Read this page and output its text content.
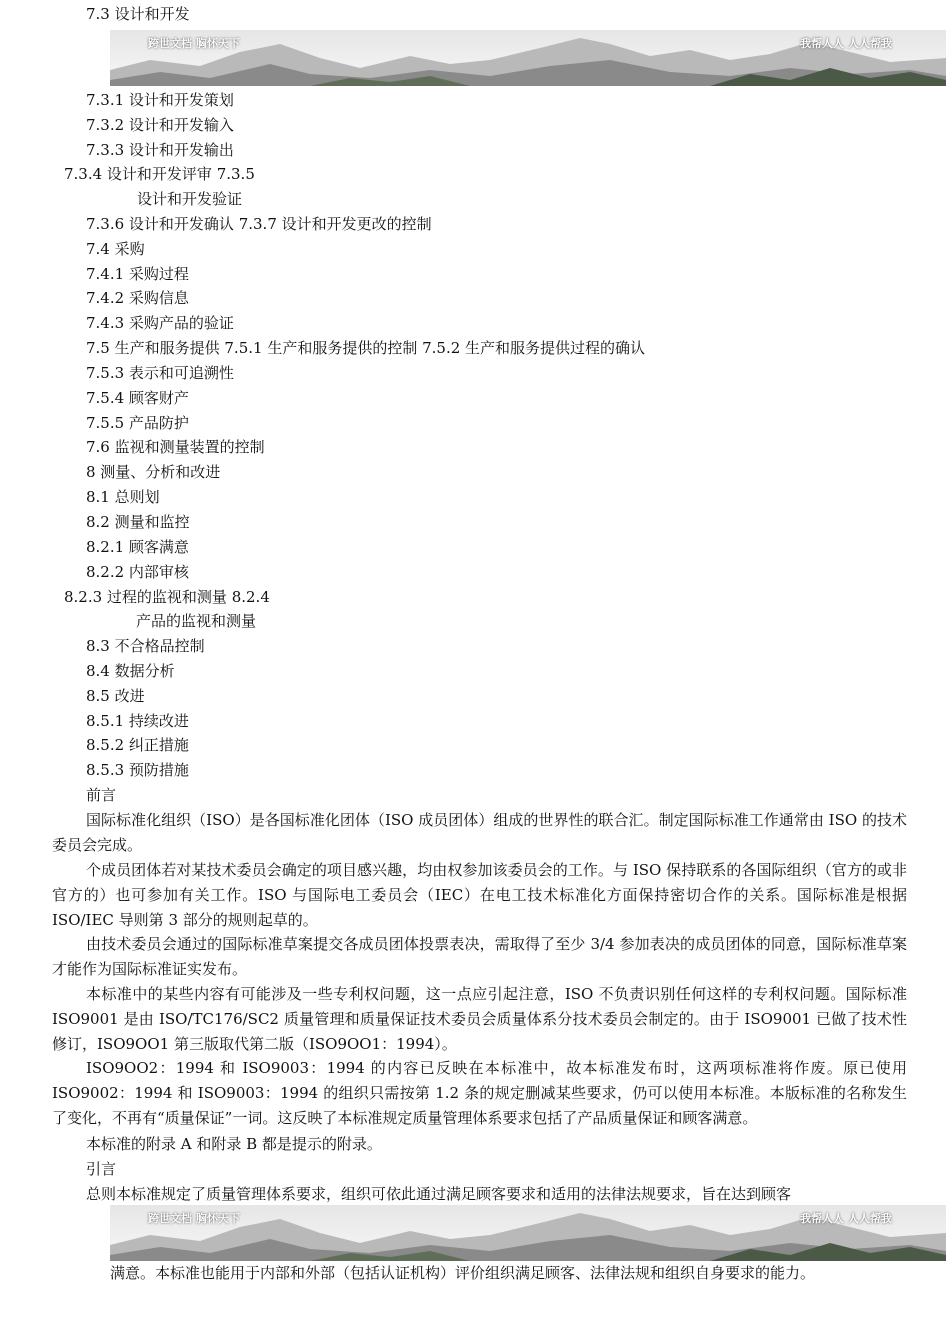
7.3 设计和开发
跨世文档 胸怀天下	我帮人人 人人帮我
7.3.1 设计和开发策划
7.3.2 设计和开发输入
7.3.3 设计和开发输出
7.3.4 设计和开发评审 7.3.5
设计和开发验证
7.3.6 设计和开发确认 7.3.7 设计和开发更改的控制
7.4 采购
7.4.1 采购过程
7.4.2 采购信息
7.4.3 采购产品的验证
7.5 生产和服务提供 7.5.1 生产和服务提供的控制 7.5.2 生产和服务提供过程的确认
7.5.3 表示和可追溯性
7.5.4 顾客财产
7.5.5 产品防护
7.6 监视和测量装置的控制
8 测量、分析和改进
8.1 总则划
8.2 测量和监控
8.2.1 顾客满意
8.2.2 内部审核
8.2.3 过程的监视和测量 8.2.4
产品的监视和测量
8.3 不合格品控制
8.4 数据分析
8.5 改进
8.5.1 持续改进
8.5.2 纠正措施
8.5.3 预防措施
前言
国际标准化组织（ISO）是各国标准化团体（ISO 成员团体）组成的世界性的联合汇。制定国际标准工作通常由 ISO 的技术委员会完成。
个成员团体若对某技术委员会确定的项目感兴趣，均由权参加该委员会的工作。与 ISO 保持联系的各国际组织（官方的或非官方的）也可参加有关工作。ISO 与国际电工委员会（IEC）在电工技术标准化方面保持密切合作的关系。国际标准是根据 ISO/IEC 导则第 3 部分的规则起草的。
由技术委员会通过的国际标准草案提交各成员团体投票表决，需取得了至少 3/4 参加表决的成员团体的同意，国际标准草案才能作为国际标准证实发布。
本标准中的某些内容有可能涉及一些专利权问题，这一点应引起注意，ISO 不负责识别任何这样的专利权问题。国际标准 ISO9001 是由 ISO/TC176/SC2 质量管理和质量保证技术委员会质量体系分技术委员会制定的。由于 ISO9001 已做了技术性修订，ISO9OO1 第三版取代第二版（ISO9OO1：1994）。
ISO9OO2：1994 和 ISO9003：1994 的内容已反映在本标准中，故本标准发布时，这两项标准将作废。原已使用 ISO9002：1994 和 ISO9003：1994 的组织只需按第 1.2 条的规定删减某些要求，仍可以使用本标准。本版标准的名称发生了变化，不再有“质量保证”一词。这反映了本标准规定质量管理体系要求包括了产品质量保证和顾客满意。
本标准的附录 A 和附录 B 都是提示的附录。
引言
总则本标准规定了质量管理体系要求，组织可依此通过满足顾客要求和适用的法律法规要求，旨在达到顾客
跨世文档 胸怀天下	我帮人人 人人帮我
满意。本标准也能用于内部和外部（包括认证机构）评价组织满足顾客、法律法规和组织自身要求的能力。
